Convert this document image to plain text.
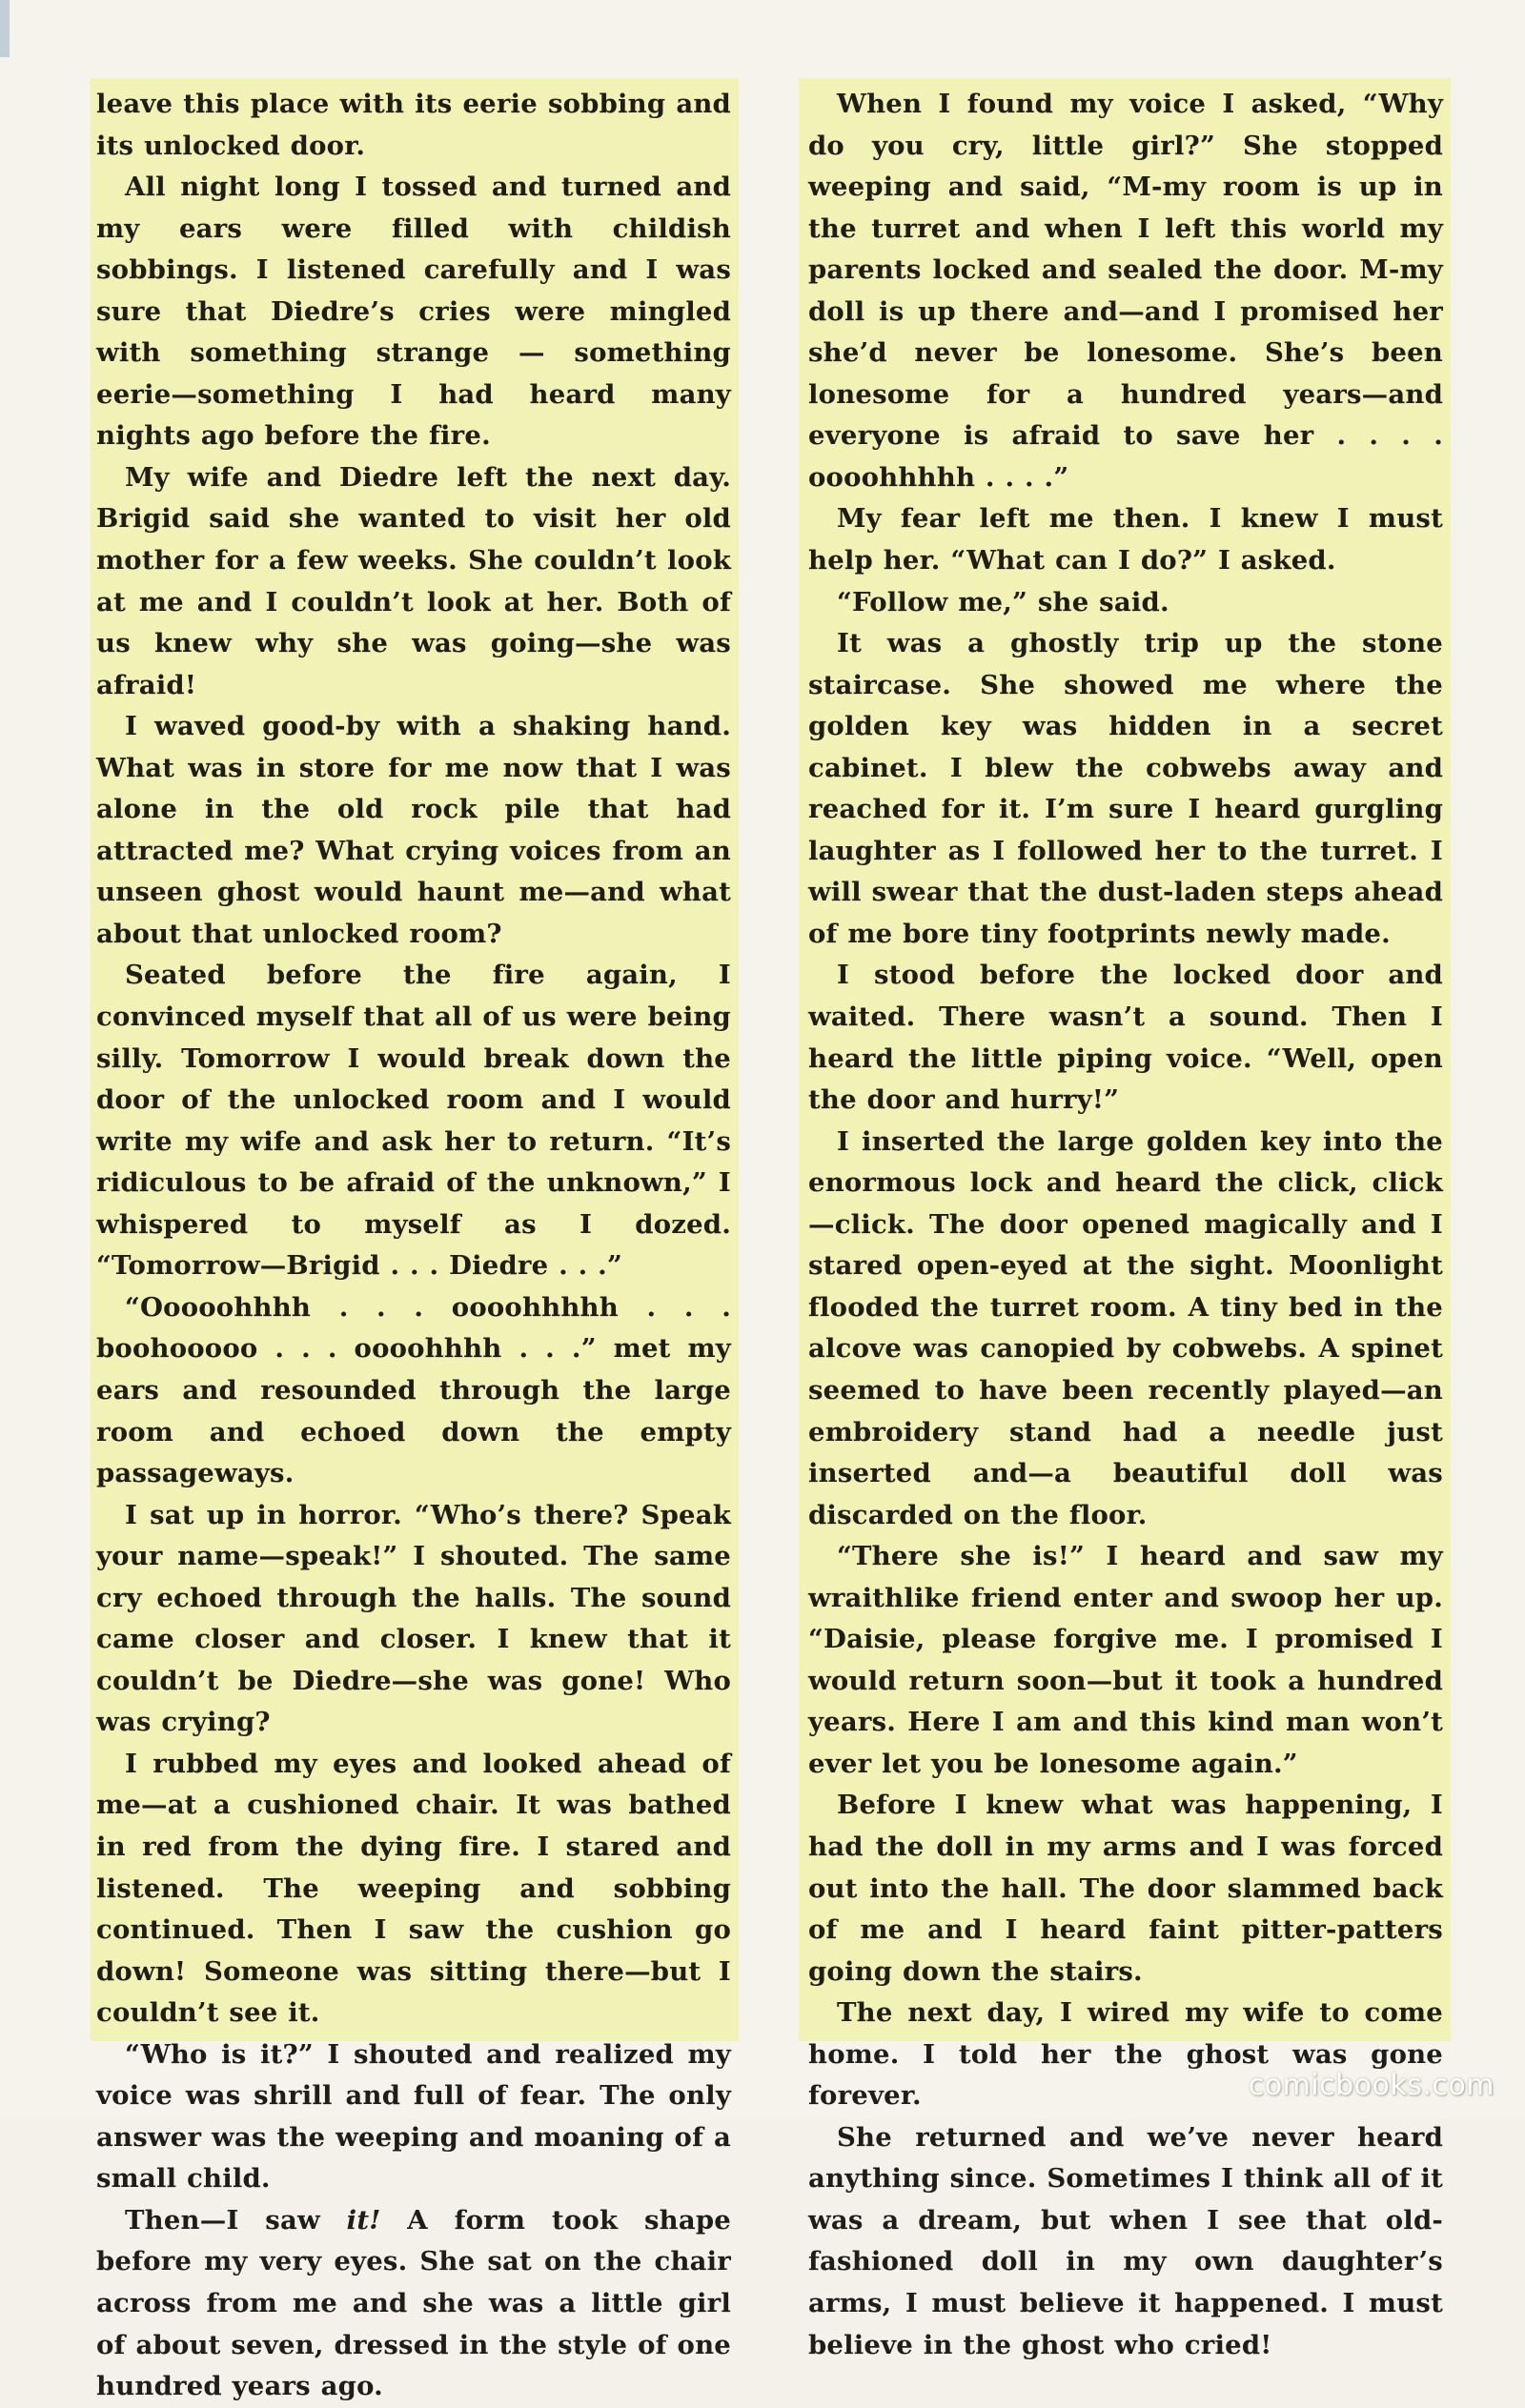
leave this place with its eerie sobbing and its unlocked door.

All night long I tossed and turned and my ears were filled with childish sobbings. I listened carefully and I was sure that Diedre’s cries were mingled with something strange — something eerie—something I had heard many nights ago before the fire.

My wife and Diedre left the next day. Brigid said she wanted to visit her old mother for a few weeks. She couldn’t look at me and I couldn’t look at her. Both of us knew why she was going—she was afraid!

I waved good-by with a shaking hand. What was in store for me now that I was alone in the old rock pile that had attracted me? What crying voices from an unseen ghost would haunt me—and what about that unlocked room?

Seated before the fire again, I convinced myself that all of us were being silly. Tomorrow I would break down the door of the unlocked room and I would write my wife and ask her to return. “It’s ridiculous to be afraid of the unknown,” I whispered to myself as I dozed. “Tomorrow—Brigid . . . Diedre . . .”

“Ooooohhhh . . . oooohhhhh . . . boohooooo . . . oooohhhh . . .” met my ears and resounded through the large room and echoed down the empty passageways.

I sat up in horror. “Who’s there? Speak your name—speak!” I shouted. The same cry echoed through the halls. The sound came closer and closer. I knew that it couldn’t be Diedre—she was gone! Who was crying?

I rubbed my eyes and looked ahead of me—at a cushioned chair. It was bathed in red from the dying fire. I stared and listened. The weeping and sobbing continued. Then I saw the cushion go down! Someone was sitting there—but I couldn’t see it.

“Who is it?” I shouted and realized my voice was shrill and full of fear. The only answer was the weeping and moaning of a small child.

Then—I saw it! A form took shape before my very eyes. She sat on the chair across from me and she was a little girl of about seven, dressed in the style of one hundred years ago.

When I found my voice I asked, “Why do you cry, little girl?” She stopped weeping and said, “M-my room is up in the turret and when I left this world my parents locked and sealed the door. M-my doll is up there and—and I promised her she’d never be lonesome. She’s been lonesome for a hundred years—and everyone is afraid to save her . . . . oooohhhhh . . . .”

My fear left me then. I knew I must help her. “What can I do?” I asked.

“Follow me,” she said.

It was a ghostly trip up the stone staircase. She showed me where the golden key was hidden in a secret cabinet. I blew the cobwebs away and reached for it. I’m sure I heard gurgling laughter as I followed her to the turret. I will swear that the dust-laden steps ahead of me bore tiny footprints newly made.

I stood before the locked door and waited. There wasn’t a sound. Then I heard the little piping voice. “Well, open the door and hurry!”

I inserted the large golden key into the enormous lock and heard the click, click—click. The door opened magically and I stared open-eyed at the sight. Moonlight flooded the turret room. A tiny bed in the alcove was canopied by cobwebs. A spinet seemed to have been recently played—an embroidery stand had a needle just inserted and—a beautiful doll was discarded on the floor.

“There she is!” I heard and saw my wraithlike friend enter and swoop her up. “Daisie, please forgive me. I promised I would return soon—but it took a hundred years. Here I am and this kind man won’t ever let you be lonesome again.”

Before I knew what was happening, I had the doll in my arms and I was forced out into the hall. The door slammed back of me and I heard faint pitter-patters going down the stairs.

The next day, I wired my wife to come home. I told her the ghost was gone forever.

She returned and we’ve never heard anything since. Sometimes I think all of it was a dream, but when I see that old-fashioned doll in my own daughter’s arms, I must believe it happened. I must believe in the ghost who cried!

comicbooks.com
